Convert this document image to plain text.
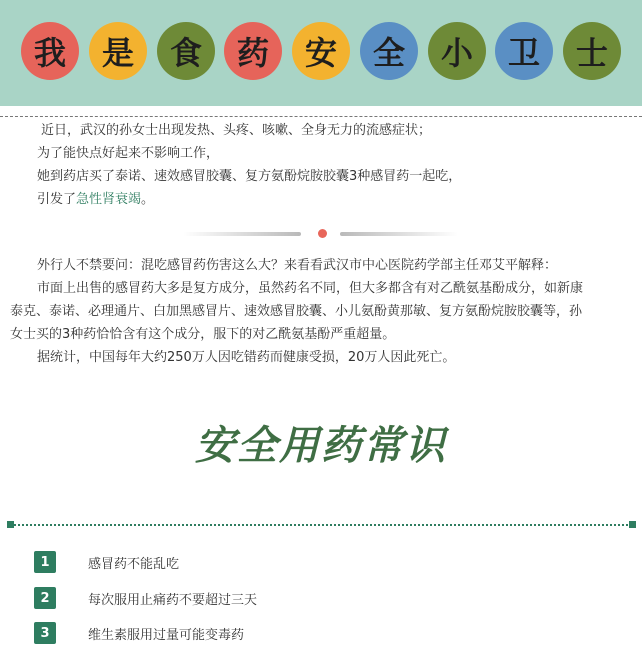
我	是	食	药	安	全	小	卫	士
近日，武汉的孙女士出现发热、头疼、咳嗽、全身无力的流感症状；
为了能快点好起来不影响工作，
她到药店买了泰诺、速效感冒胶囊、复方氨酚烷胺胶囊3种感冒药一起吃，
引发了急性肾衰竭。
外行人不禁要问：混吃感冒药伤害这么大？来看看武汉市中心医院药学部主任邓艾平解释：
市面上出售的感冒药大多是复方成分，虽然药名不同，但大多都含有对乙酰氨基酚成分，如新康
泰克、泰诺、必理通片、白加黑感冒片、速效感冒胶囊、小儿氨酚黄那敏、复方氨酚烷胺胶囊等，孙
女士买的3种药恰恰含有这个成分，服下的对乙酰氨基酚严重超量。
据统计，中国每年大约250万人因吃错药而健康受损，20万人因此死亡。
安全用药常识
1	感冒药不能乱吃
2	每次服用止痛药不要超过三天
3	维生素服用过量可能变毒药
